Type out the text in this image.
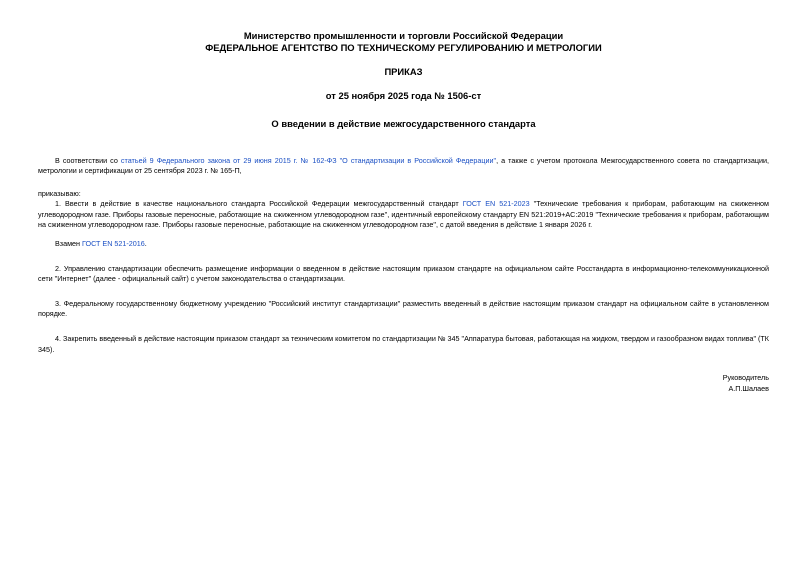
Министерство промышленности и торговли Российской Федерации
ФЕДЕРАЛЬНОЕ АГЕНТСТВО ПО ТЕХНИЧЕСКОМУ РЕГУЛИРОВАНИЮ И МЕТРОЛОГИИ
ПРИКАЗ
от 25 ноября 2025 года № 1506-ст
О введении в действие межгосударственного стандарта

В соответствии со статьей 9 Федерального закона от 29 июня 2015 г. № 162-ФЗ "О стандартизации в Российской Федерации", а также с учетом протокола Межгосударственного совета по стандартизации, метрологии и сертификации от 25 сентября 2023 г. № 165-П,

приказываю:

1. Ввести в действие в качестве национального стандарта Российской Федерации межгосударственный стандарт ГОСТ EN 521-2023 "Технические требования к приборам, работающим на сжиженном углеводородном газе. Приборы газовые переносные, работающие на сжиженном углеводородном газе", идентичный европейскому стандарту EN 521:2019+AC:2019 "Технические требования к приборам, работающим на сжиженном углеводородном газе. Приборы газовые переносные, работающие на сжиженном углеводородном газе", с датой введения в действие 1 января 2026 г.

Взамен ГОСТ EN 521-2016.

2. Управлению стандартизации обеспечить размещение информации о введенном в действие настоящим приказом стандарте на официальном сайте Росстандарта в информационно-телекоммуникационной сети "Интернет" (далее - официальный сайт) с учетом законодательства о стандартизации.

3. Федеральному государственному бюджетному учреждению "Российский институт стандартизации" разместить введенный в действие настоящим приказом стандарт на официальном сайте в установленном порядке.

4. Закрепить введенный в действие настоящим приказом стандарт за техническим комитетом по стандартизации № 345 "Аппаратура бытовая, работающая на жидком, твердом и газообразном видах топлива" (ТК 345).

Руководитель
А.П.Шалаев
